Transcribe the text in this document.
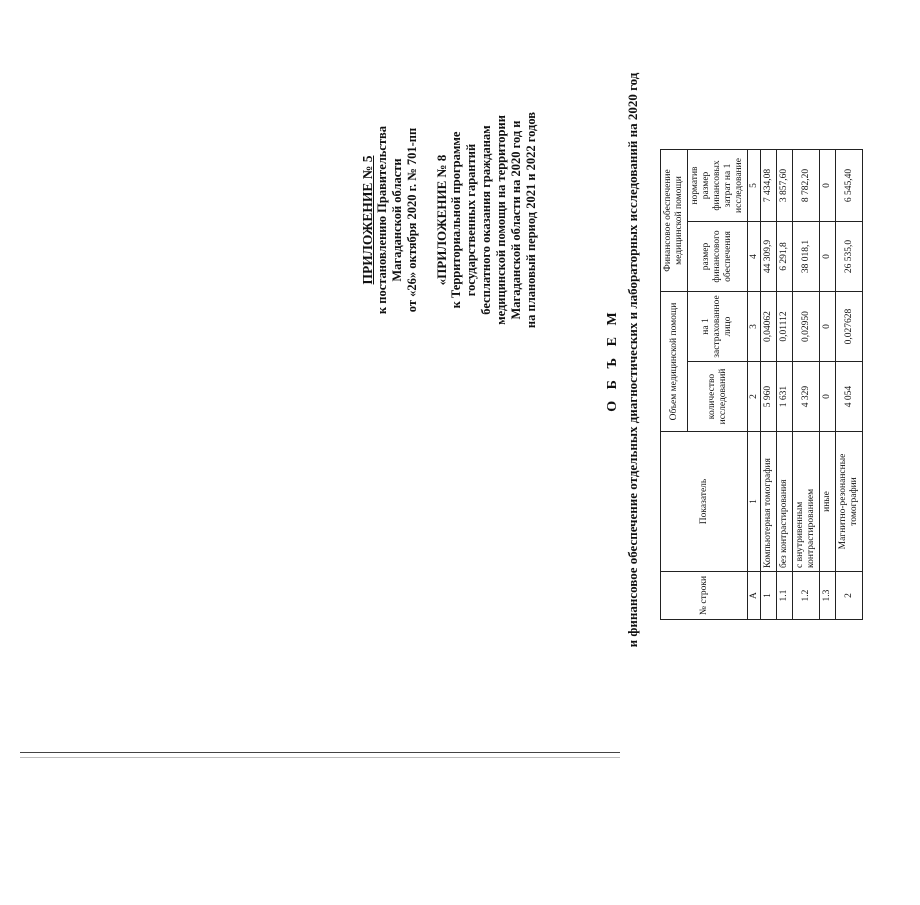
ПРИЛОЖЕНИЕ № 5 к постановлению Правительства Магаданской области от «26» октября 2020 г. № 701-пп «ПРИЛОЖЕНИЕ № 8 к Территориальной программе государственных гарантий бесплатного оказания гражданам медицинской помощи на территории Магаданской области на 2020 год и на плановый период 2021 и 2022 годов
О Б Ъ Е М и финансовое обеспечение отдельных диагностических и лабораторных исследований на 2020 год	№ строки	Показатель	Объем медицинской помощи		Финансовое обеспечение медицинской помощи	
		количество исследований	на 1 застрахованное лицо	размер финансового обеспечения	норматив размер финансовых затрат на 1 исследование
А	1	2	3	4	5
1	Компьютерная томография	5 960	0,04062	44 309,9	7 434,08
1.1	без контрастирования	1 631	0,01112	6 291,8	3 857,60
1.2	с внутривенным контрастированием	4 329	0,02950	38 018,1	8 782,20
1.3	иные	0	0	0	0
2	Магнитно-резонансные томографии	4 054	0,027628	26 535,0	6 545,40
